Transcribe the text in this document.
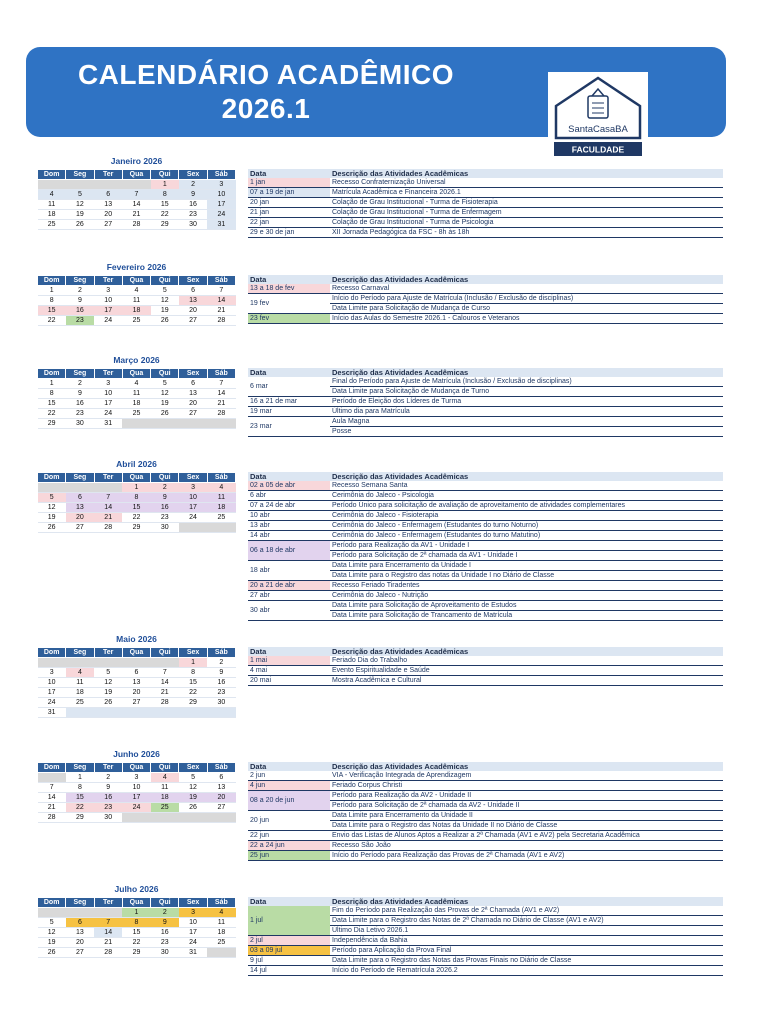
CALENDÁRIO ACADÊMICO
2026.1
SantaCasaBA
FACULDADE
Janeiro 2026
Dom	Seg	Ter	Qua	Qui	Sex	Sáb
				1	2	3
4	5	6	7	8	9	10
11	12	13	14	15	16	17
18	19	20	21	22	23	24
25	26	27	28	29	30	31
Data	Descrição das Atividades Acadêmicas
1 jan	Recesso Confraternização Universal
07 a 19 de jan	Matrícula Acadêmica e Financeira 2026.1
20 jan	Colação de Grau Institucional - Turma de Fisioterapia
21 jan	Colação de Grau Institucional - Turma de Enfermagem
22 jan	Colação de Grau Institucional - Turma de Psicologia
29 e 30 de jan	XII Jornada Pedagógica da FSC - 8h às 18h
Fevereiro 2026
Dom	Seg	Ter	Qua	Qui	Sex	Sáb
1	2	3	4	5	6	7
8	9	10	11	12	13	14
15	16	17	18	19	20	21
22	23	24	25	26	27	28
Data	Descrição das Atividades Acadêmicas
13 a 18 de fev	Recesso Carnaval
19 fev	Início do Período para Ajuste de Matrícula (Inclusão / Exclusão de disciplinas)
	Data Limite para Solicitação de Mudança de Curso
23 fev	Início das Aulas do Semestre 2026.1 - Calouros e Veteranos
Março 2026
Dom	Seg	Ter	Qua	Qui	Sex	Sáb
1	2	3	4	5	6	7
8	9	10	11	12	13	14
15	16	17	18	19	20	21
22	23	24	25	26	27	28
29	30	31				
Data	Descrição das Atividades Acadêmicas
6 mar	Final do Período para Ajuste de Matrícula (Inclusão / Exclusão de disciplinas)
	Data Limite para Solicitação de Mudança de Turno
16 a 21 de mar	Período de Eleição dos Líderes de Turma
19 mar	Último dia para Matrícula
23 mar	Aula Magna
	Posse
Abril 2026
Dom	Seg	Ter	Qua	Qui	Sex	Sáb
			1	2	3	4
5	6	7	8	9	10	11
12	13	14	15	16	17	18
19	20	21	22	23	24	25
26	27	28	29	30		
Data	Descrição das Atividades Acadêmicas
02 a 05 de abr	Recesso Semana Santa
6 abr	Cerimônia do Jaleco - Psicologia
07 a 24 de abr	Período Único para solicitação de avaliação de aproveitamento de atividades complementares
10 abr	Cerimônia do Jaleco - Fisioterapia
13 abr	Cerimônia do Jaleco - Enfermagem (Estudantes do turno Noturno)
14 abr	Cerimônia do Jaleco - Enfermagem (Estudantes do turno Matutino)
06 a 18 de abr	Período para Realização da AV1 - Unidade I
	Período para Solicitação de 2ª chamada da AV1 - Unidade I
18 abr	Data Limite para Encerramento da Unidade I
	Data Limite para o Registro das notas da Unidade I no Diário de Classe
20 a 21 de abr	Recesso Feriado Tiradentes
27 abr	Cerimônia do Jaleco - Nutrição
30 abr	Data Limite para Solicitação de Aproveitamento de Estudos
	Data Limite para Solicitação de Trancamento de Matrícula
Maio 2026
Dom	Seg	Ter	Qua	Qui	Sex	Sáb
					1	2
3	4	5	6	7	8	9
10	11	12	13	14	15	16
17	18	19	20	21	22	23
24	25	26	27	28	29	30
31						
Data	Descrição das Atividades Acadêmicas
1 mai	Feriado Dia do Trabalho
4 mai	Evento Espiritualidade e Saúde
20 mai	Mostra Acadêmica e Cultural
Junho 2026
Dom	Seg	Ter	Qua	Qui	Sex	Sáb
	1	2	3	4	5	6
7	8	9	10	11	12	13
14	15	16	17	18	19	20
21	22	23	24	25	26	27
28	29	30				
Data	Descrição das Atividades Acadêmicas
2 jun	VIA - Verificação Integrada de Aprendizagem
4 jun	Feriado Corpus Christi
08 a 20 de jun	Período para Realização da AV2 - Unidade II
	Período para Solicitação de 2ª chamada da AV2 - Unidade II
20 jun	Data Limite para Encerramento da Unidade II
	Data Limite para o Registro das Notas da Unidade II no Diário de Classe
22 jun	Envio das Listas de Alunos Aptos a Realizar a 2ª Chamada (AV1 e AV2) pela Secretaria Acadêmica
22 a 24 jun	Recesso São João
25 jun	Início do Período para Realização das Provas de 2ª Chamada (AV1 e AV2)
Julho 2026
Dom	Seg	Ter	Qua	Qui	Sex	Sáb
			1	2	3	4
5	6	7	8	9	10	11
12	13	14	15	16	17	18
19	20	21	22	23	24	25
26	27	28	29	30	31	
Data	Descrição das Atividades Acadêmicas
1 jul	Fim do Período para Realização das Provas de 2ª Chamada (AV1 e AV2)
	Data Limite para o Registro das Notas de 2ª Chamada no Diário de Classe (AV1 e AV2)
	Último Dia Letivo 2026.1
2 jul	Independência da Bahia
03 a 09 jul	Período para Aplicação da Prova Final
9 jul	Data Limite para o Registro das Notas das Provas Finais no Diário de Classe
14 jul	Início do Período de Rematrícula 2026.2
